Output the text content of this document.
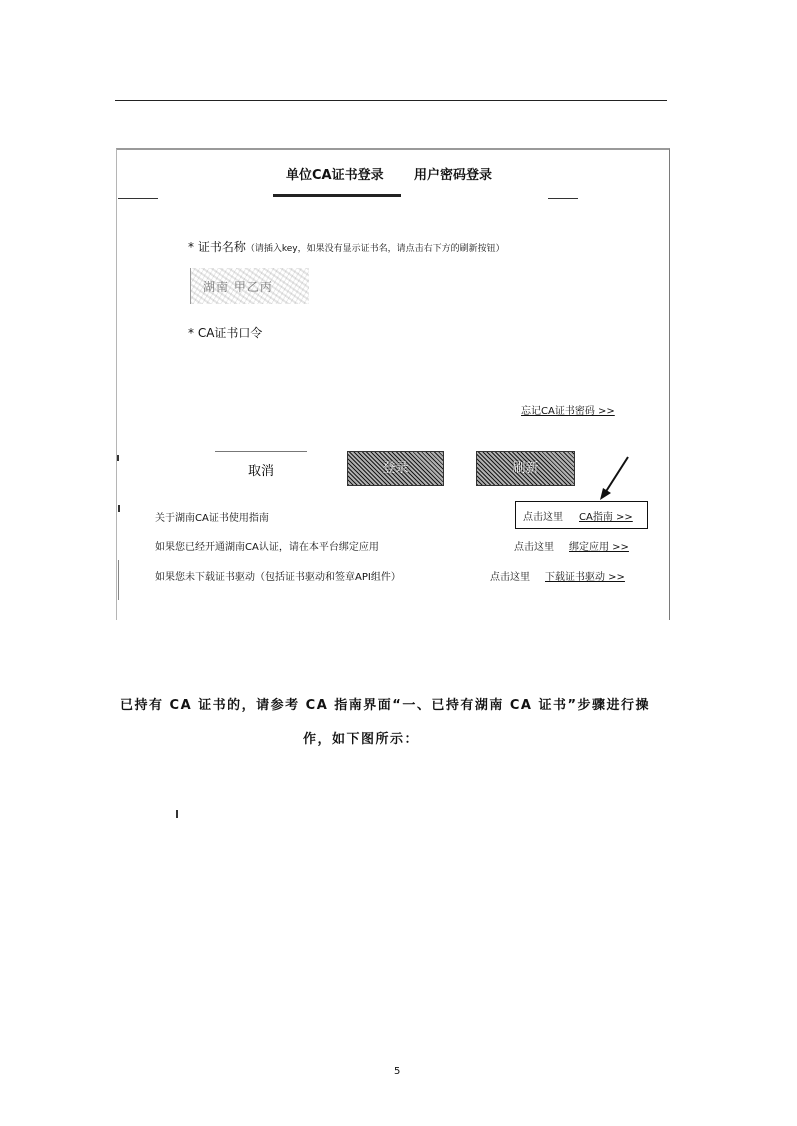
单位CA证书登录 用户密码登录
* 证书名称（请插入key，如果没有显示证书名，请点击右下方的刷新按钮）
湖南 甲乙丙
* CA证书口令
忘记CA证书密码 >>
取消	登录	刷新
关于湖南CA证书使用指南	点击这里 CA指南 >>
如果您已经开通湖南CA认证，请在本平台绑定应用	点击这里 绑定应用 >>
如果您未下载证书驱动（包括证书驱动和签章API组件）	点击这里 下载证书驱动 >>
已持有 CA 证书的，请参考 CA 指南界面“一、已持有湖南 CA 证书”步骤进行操
作，如下图所示：
5
